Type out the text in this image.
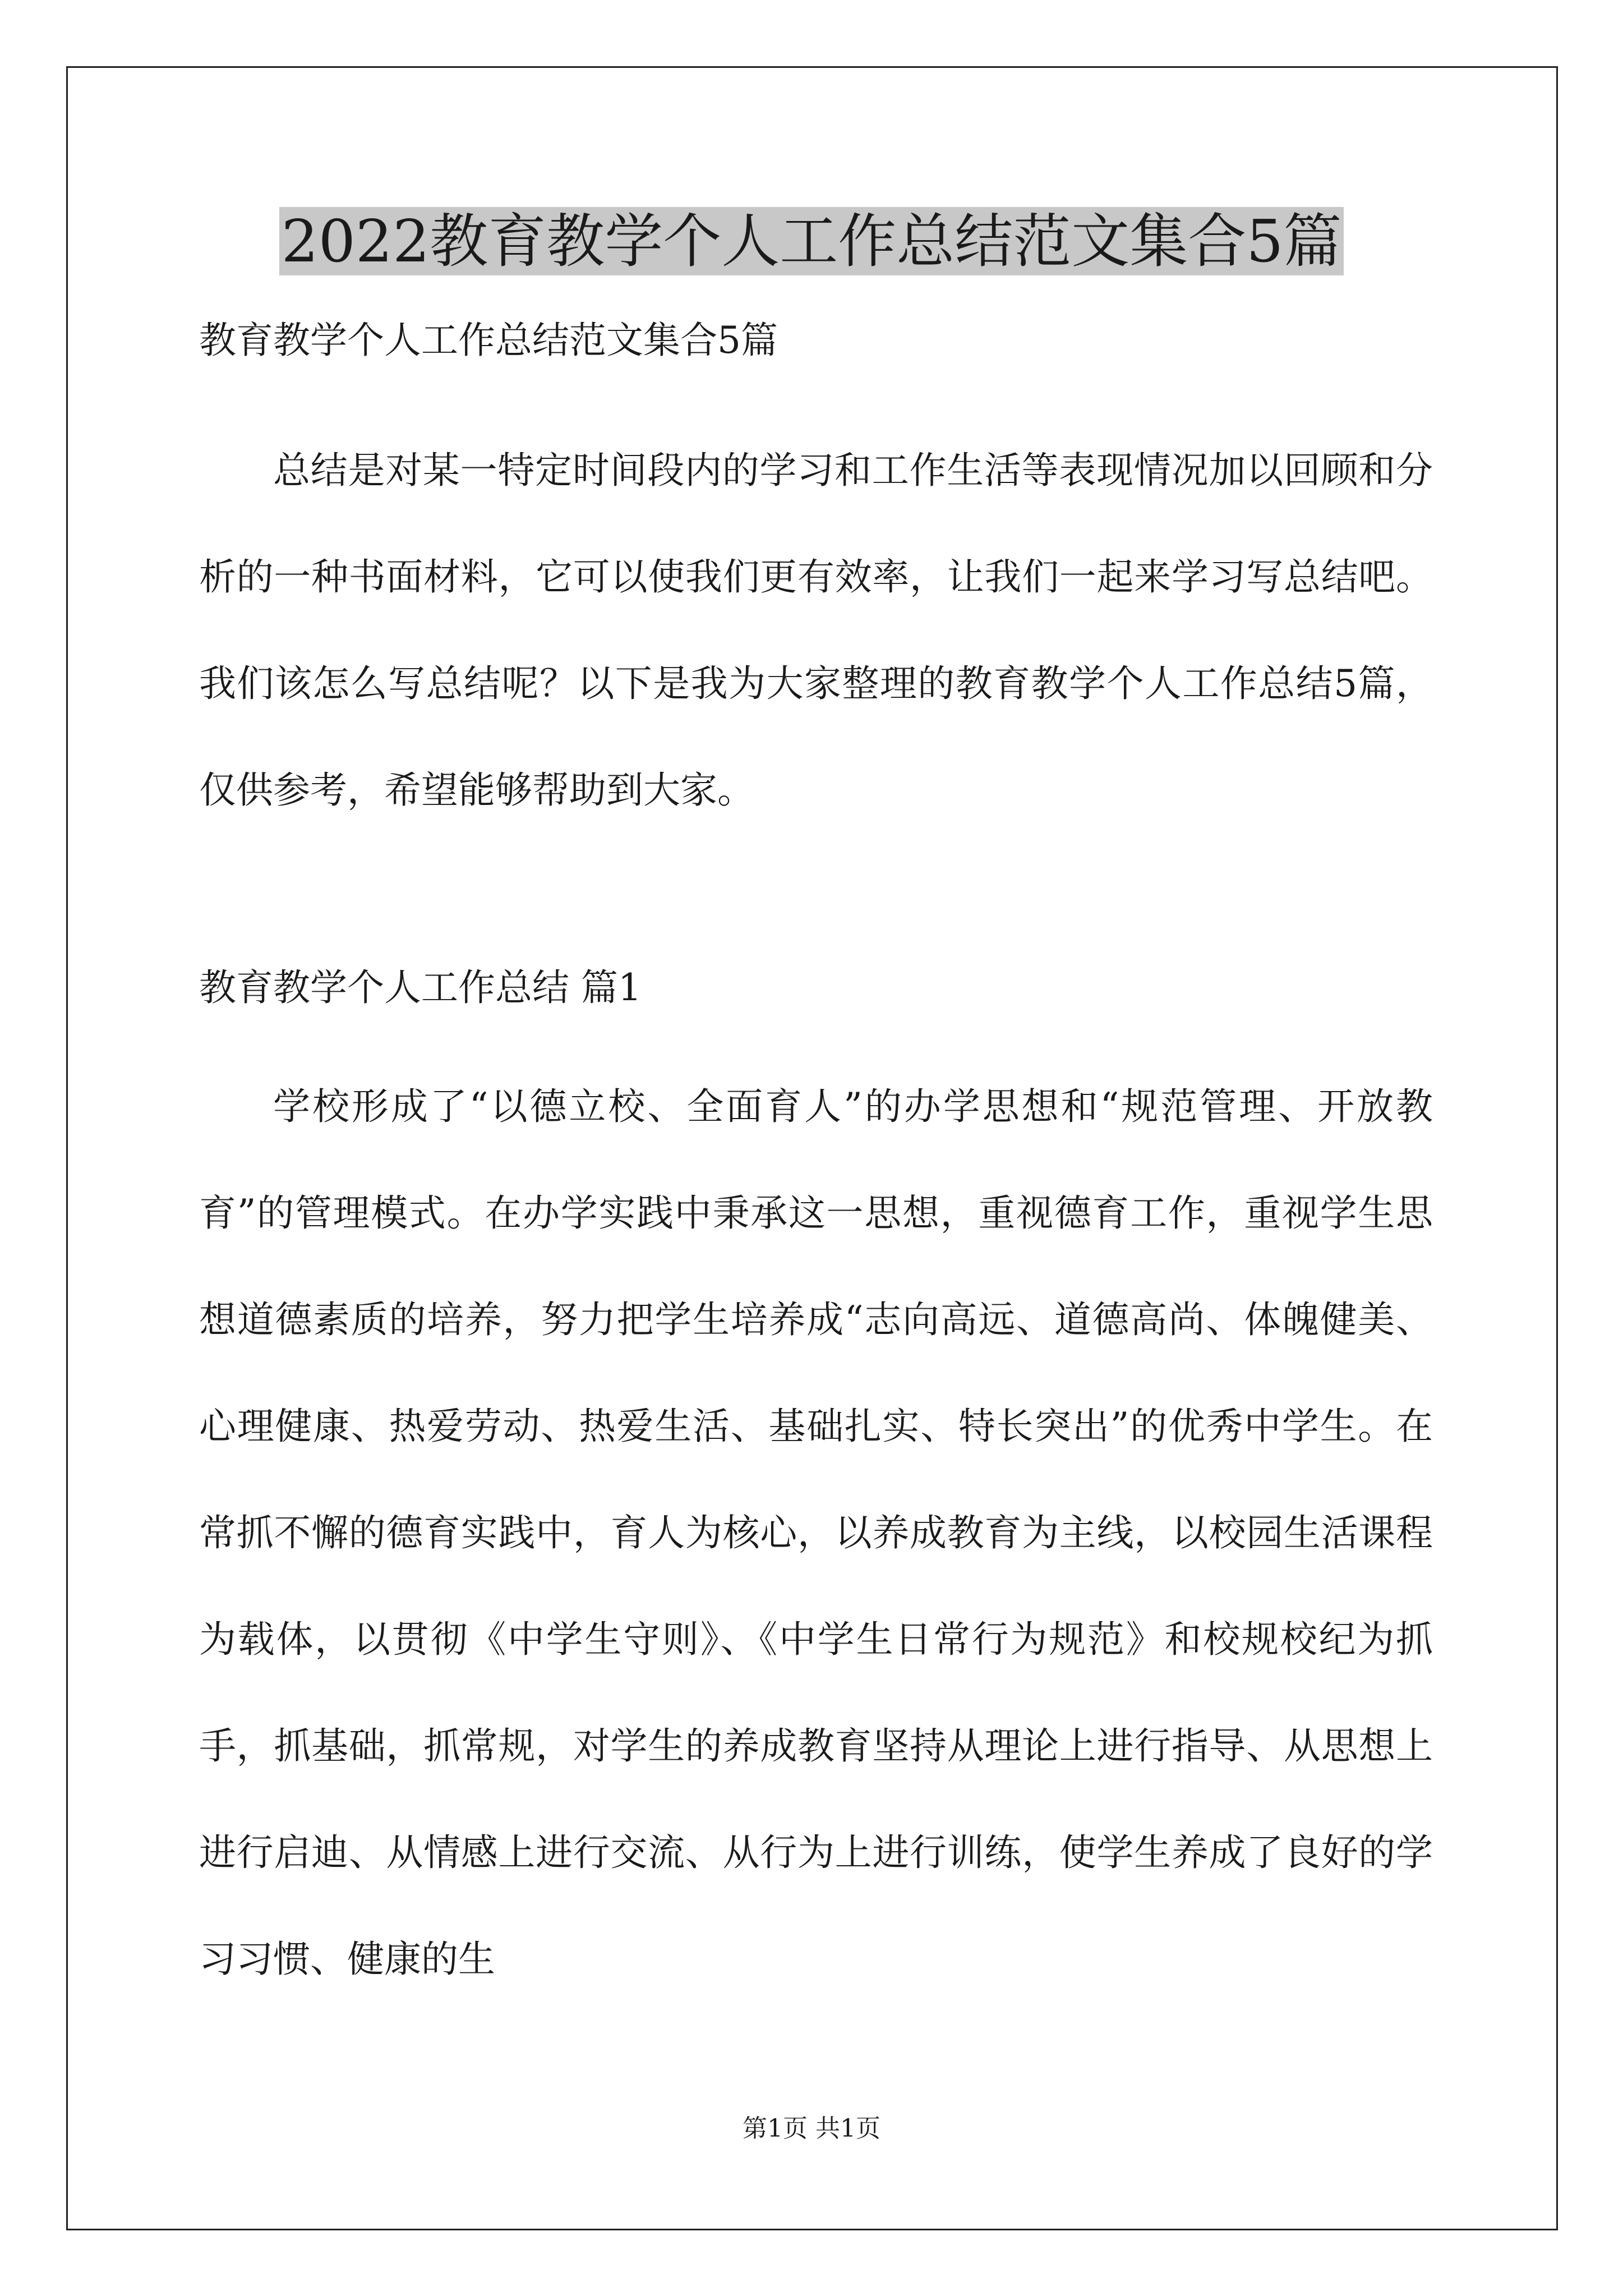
2022教育教学个人工作总结范文集合5篇

教育教学个人工作总结范文集合5篇

总结是对某一特定时间段内的学习和工作生活等表现情况加以回顾和分析的一种书面材料，它可以使我们更有效率，让我们一起来学习写总结吧。我们该怎么写总结呢？以下是我为大家整理的教育教学个人工作总结5篇，仅供参考，希望能够帮助到大家。

教育教学个人工作总结 篇1

学校形成了“以德立校、全面育人”的办学思想和“规范管理、开放教育”的管理模式。在办学实践中秉承这一思想，重视德育工作，重视学生思想道德素质的培养，努力把学生培养成“志向高远、道德高尚、体魄健美、心理健康、热爱劳动、热爱生活、基础扎实、特长突出”的优秀中学生。在常抓不懈的德育实践中，育人为核心，以养成教育为主线，以校园生活课程为载体，以贯彻《中学生守则》、《中学生日常行为规范》和校规校纪为抓手，抓基础，抓常规，对学生的养成教育坚持从理论上进行指导、从思想上进行启迪、从情感上进行交流、从行为上进行训练，使学生养成了良好的学习习惯、健康的生

第1页 共1页
